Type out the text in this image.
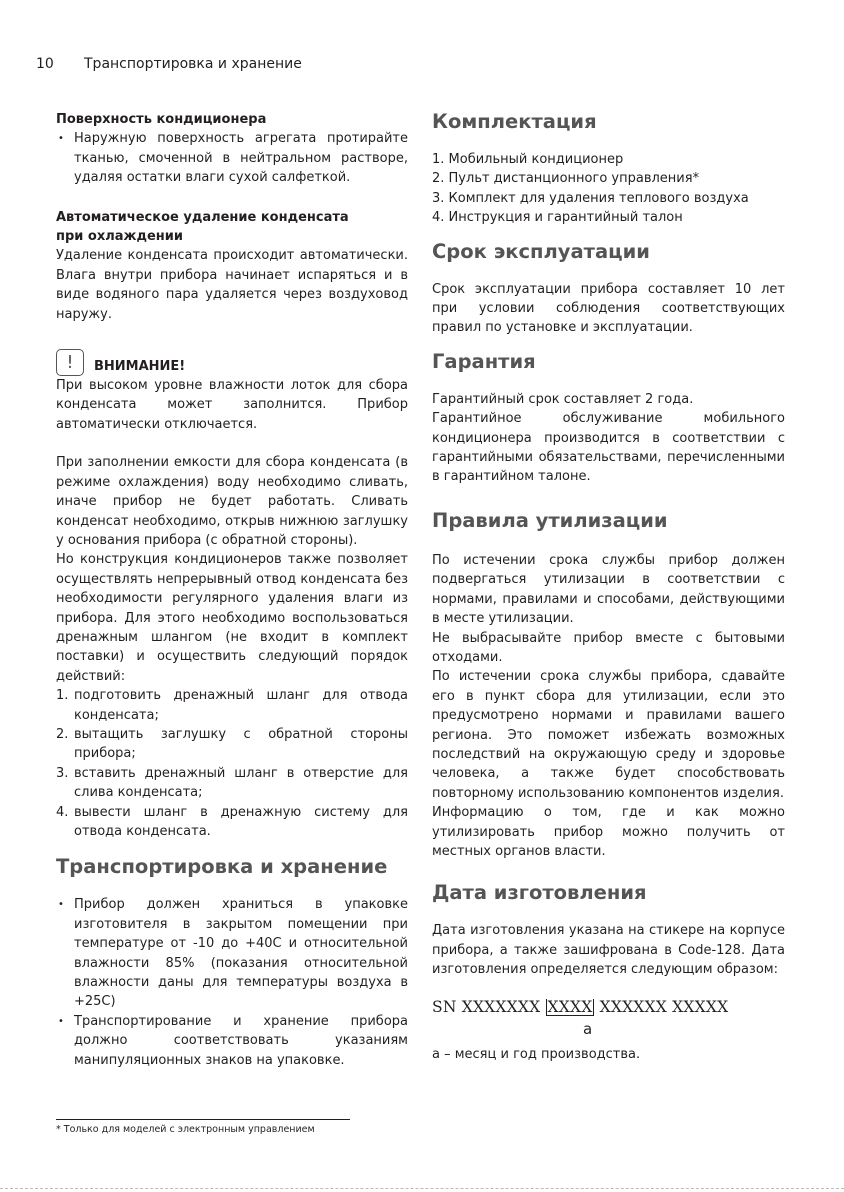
10 Транспортировка и хранение
Поверхность кондиционера
• Наружную поверхность агрегата протирайте тканью, смоченной в нейтральном растворе, удаляя остатки влаги сухой салфеткой.
Автоматическое удаление конденсата
при охлаждении

Удаление конденсата происходит автоматически. Влага внутри прибора начинает испаряться и в виде водяного пара удаляется через воздуховод наружу.

!	ВНИМАНИЕ!

При высоком уровне влажности лоток для сбора конденсата может заполнится. Прибор автоматически отключается.

При заполнении емкости для сбора конденсата (в режиме охлаждения) воду необходимо сливать, иначе прибор не будет работать. Сливать конденсат необходимо, открыв нижнюю заглушку у основания прибора (с обратной стороны).

Но конструкция кондиционеров также позволяет осуществлять непрерывный отвод конденсата без необходимости регулярного удаления влаги из прибора. Для этого необходимо воспользоваться дренажным шлангом (не входит в комплект поставки) и осуществить следующий порядок действий:

1. подготовить дренажный шланг для отвода конденсата;
2. вытащить заглушку с обратной стороны прибора;
3. вставить дренажный шланг в отверстие для слива конденсата;
4. вывести шланг в дренажную систему для отвода конденсата.
Транспортировка и хранение
• Прибор должен храниться в упаковке изготовителя в закрытом помещении при температуре от -10 до +40С и относительной влажности 85% (показания относительной влажности даны для температуры воздуха в +25С)
• Транспортирование и хранение прибора должно соответствовать указаниям манипуляционных знаков на упаковке.
Комплектация
1. Мобильный кондиционер
2. Пульт дистанционного управления*
3. Комплект для удаления теплового воздуха
4. Инструкция и гарантийный талон
Срок эксплуатации

Срок эксплуатации прибора составляет 10 лет при условии соблюдения соответствующих правил по установке и эксплуатации.

Гарантия

Гарантийный срок составляет 2 года.

Гарантийное обслуживание мобильного кондиционера производится в соответствии с гарантийными обязательствами, перечисленными в гарантийном талоне.

Правила утилизации

По истечении срока службы прибор должен подвергаться утилизации в соответствии с нормами, правилами и способами, действующими в месте утилизации.

Не выбрасывайте прибор вместе с бытовыми отходами.

По истечении срока службы прибора, сдавайте его в пункт сбора для утилизации, если это предусмотрено нормами и правилами вашего региона. Это поможет избежать возможных последствий на окружающую среду и здоровье человека, а также будет способствовать повторному использованию компонентов изделия.

Информацию о том, где и как можно утилизировать прибор можно получить от местных органов власти.

Дата изготовления

Дата изготовления указана на стикере на корпусе прибора, а также зашифрована в Code-128. Дата изготовления определяется следующим образом:

SN XXXXXXX XXXX XXXXXX XXXXX
а
а – месяц и год производства.
* Только для моделей с электронным управлением
